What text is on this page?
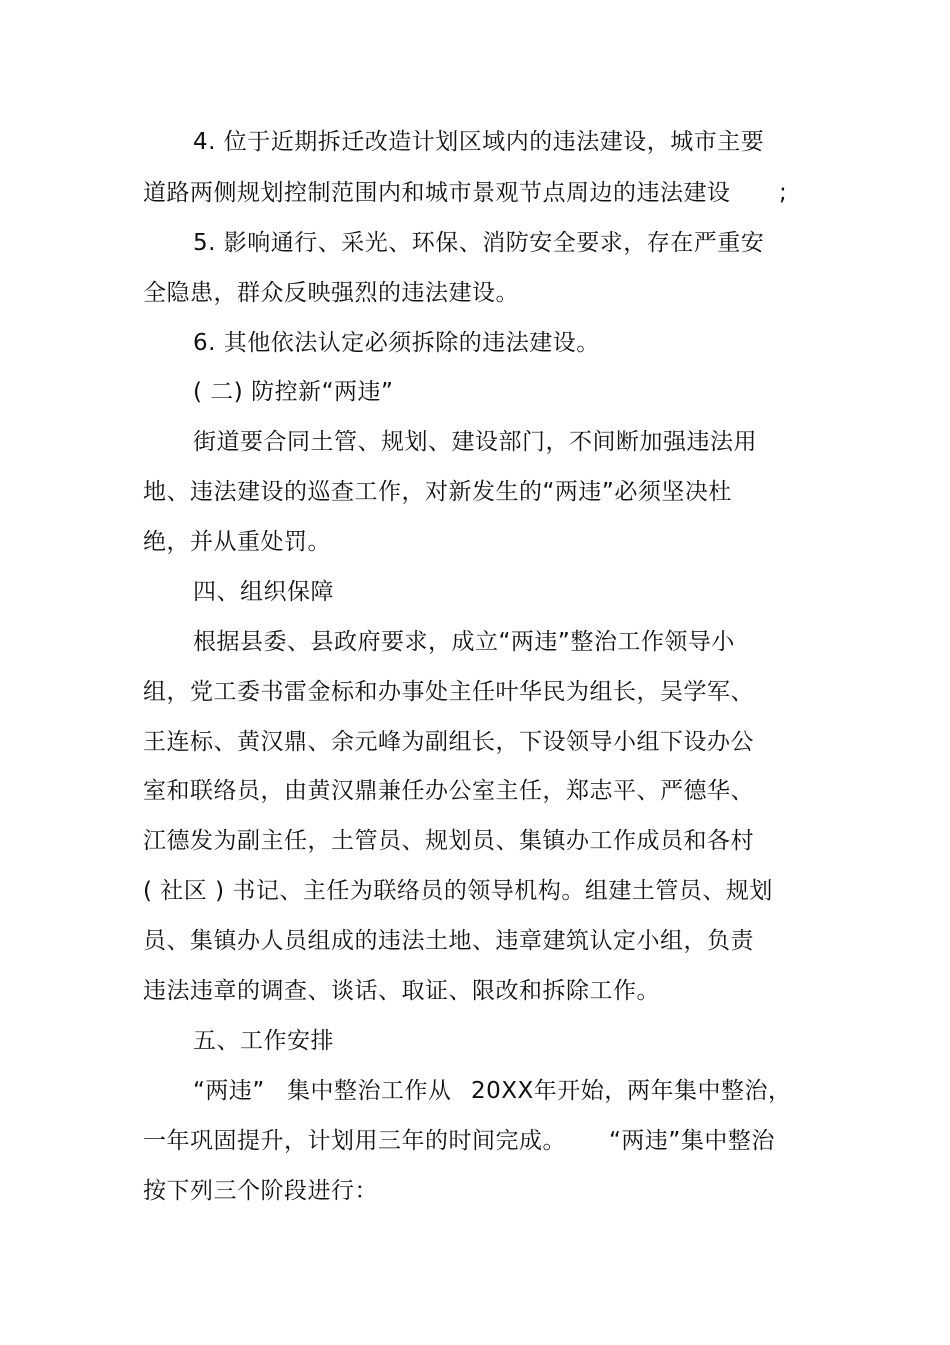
4. 位于近期拆迁改造计划区域内的违法建设，城市主要
道路两侧规划控制范围内和城市景观节点周边的违法建设 ;
5. 影响通行、采光、环保、消防安全要求，存在严重安
全隐患，群众反映强烈的违法建设。
6. 其他依法认定必须拆除的违法建设。
( 二) 防控新“两违”
街道要合同土管、规划、建设部门，不间断加强违法用
地、违法建设的巡查工作，对新发生的“两违”必须坚决杜
绝，并从重处罚。
四、组织保障
根据县委、县政府要求，成立“两违”整治工作领导小
组，党工委书雷金标和办事处主任叶华民为组长，吴学军、
王连标、黄汉鼎、余元峰为副组长，下设领导小组下设办公
室和联络员，由黄汉鼎兼任办公室主任，郑志平、严德华、
江德发为副主任，土管员、规划员、集镇办工作成员和各村
( 社区 ) 书记、主任为联络员的领导机构。组建土管员、规划
员、集镇办人员组成的违法土地、违章建筑认定小组，负责
违法违章的调查、谈话、取证、限改和拆除工作。
五、工作安排
“两违” 集中整治工作从 20XX年开始， 两年集中整治，
一年巩固提升，计划用三年的时间完成。 “两违”集中整治
按下列三个阶段进行：
